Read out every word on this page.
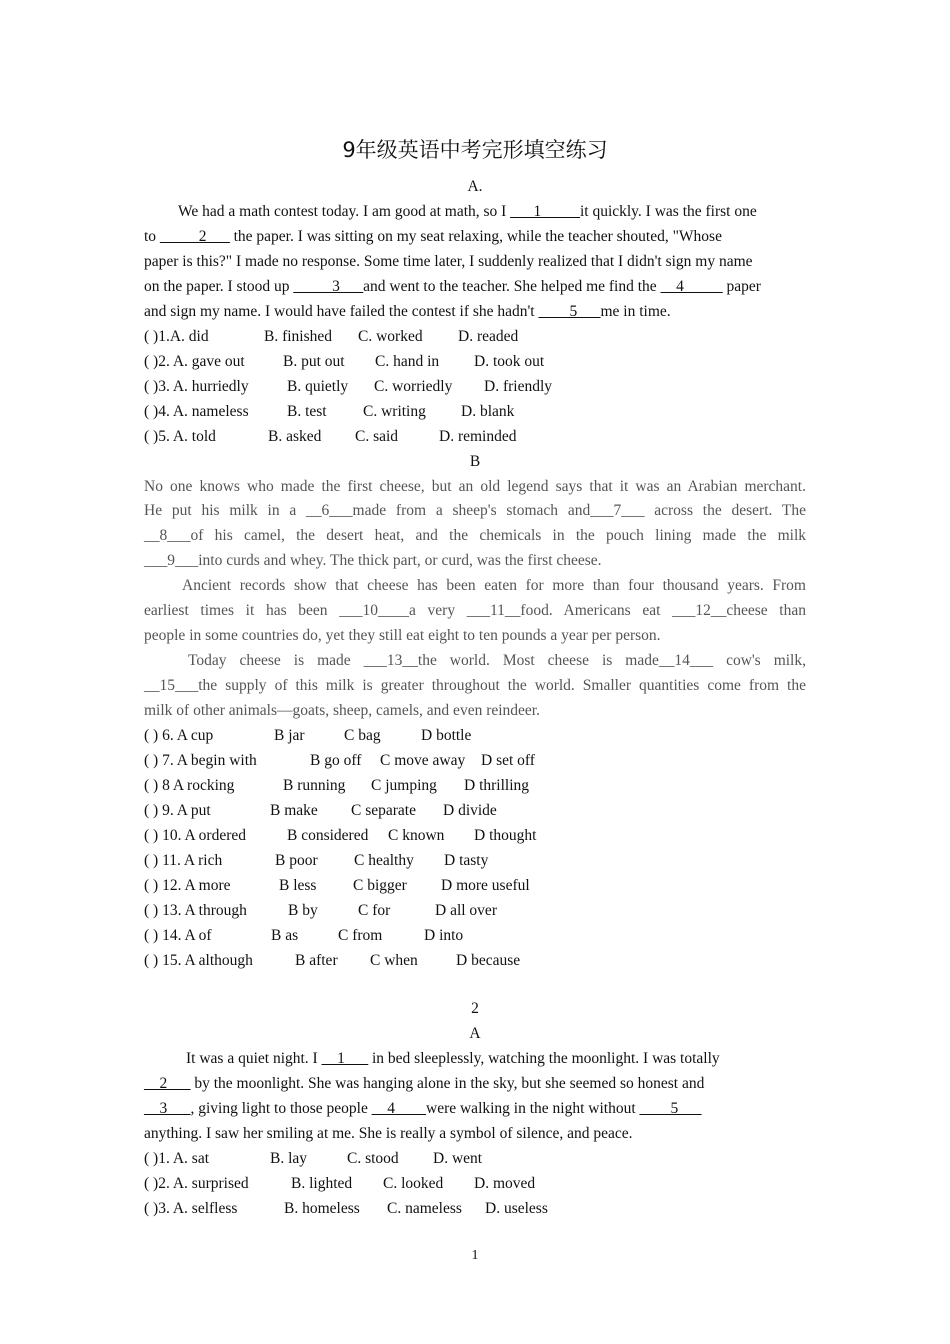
9年级英语中考完形填空练习
A.
We had a math contest today. I am good at math, so I ___1_____it quickly. I was the first one
to _____2___ the paper. I was sitting on my seat relaxing, while the teacher shouted, "Whose
paper is this?" I made no response. Some time later, I suddenly realized that I didn't sign my name
on the paper. I stood up _____3___and went to the teacher. She helped me find the __4_____ paper
and sign my name. I would have failed the contest if she hadn't ____5___me in time.
( )1.A. did	B. finished C. worked D. readed
( )2. A. gave out B. put out C. hand in D. took out
( )3. A. hurriedly B. quietly C. worriedly D. friendly
( )4. A. nameless B. test C. writing D. blank
( )5. A. told	B. asked C. said	D. reminded
B
No one knows who made the first cheese, but an old legend says that it was an Arabian merchant.
He put his milk in a __6___made from a sheep's stomach and___7___ across the desert. The
__8___of his camel, the desert heat, and the chemicals in the pouch lining made the milk
___9___into curds and whey. The thick part, or curd, was the first cheese.
Ancient records show that cheese has been eaten for more than four thousand years. From
earliest times it has been ___10____a very ___11__food. Americans eat ___12__cheese than
people in some countries do, yet they still eat eight to ten pounds a year per person.
Today cheese is made ___13__the world. Most cheese is made__14___ cow's milk,
__15___the supply of this milk is greater throughout the world. Smaller quantities come from the
milk of other animals—goats, sheep, camels, and even reindeer.
( ) 6. A cup	B jar	C bag	D bottle
( ) 7. A begin with	B go off C move away D set off
( ) 8 A rocking	B running C jumping D thrilling
( ) 9. A put	B make C separate D divide
( ) 10. A ordered	B considered C known D thought
( ) 11. A rich	B poor C healthy D tasty
( ) 12. A more	B less C bigger D more useful
( ) 13. A through	B by	C for	D all over
( ) 14. A of	B as	C from	D into
( ) 15. A although	B after C when D because
2
A
It was a quiet night. I __1___ in bed sleeplessly, watching the moonlight. I was totally
__2___ by the moonlight. She was hanging alone in the sky, but she seemed so honest and
__3___, giving light to those people __4____were walking in the night without ____5___
anything. I saw her smiling at me. She is really a symbol of silence, and peace.
( )1. A. sat	B. lay	C. stood D. went
( )2. A. surprised	B. lighted C. looked D. moved
( )3. A. selfless	B. homeless C. nameless D. useless
1
